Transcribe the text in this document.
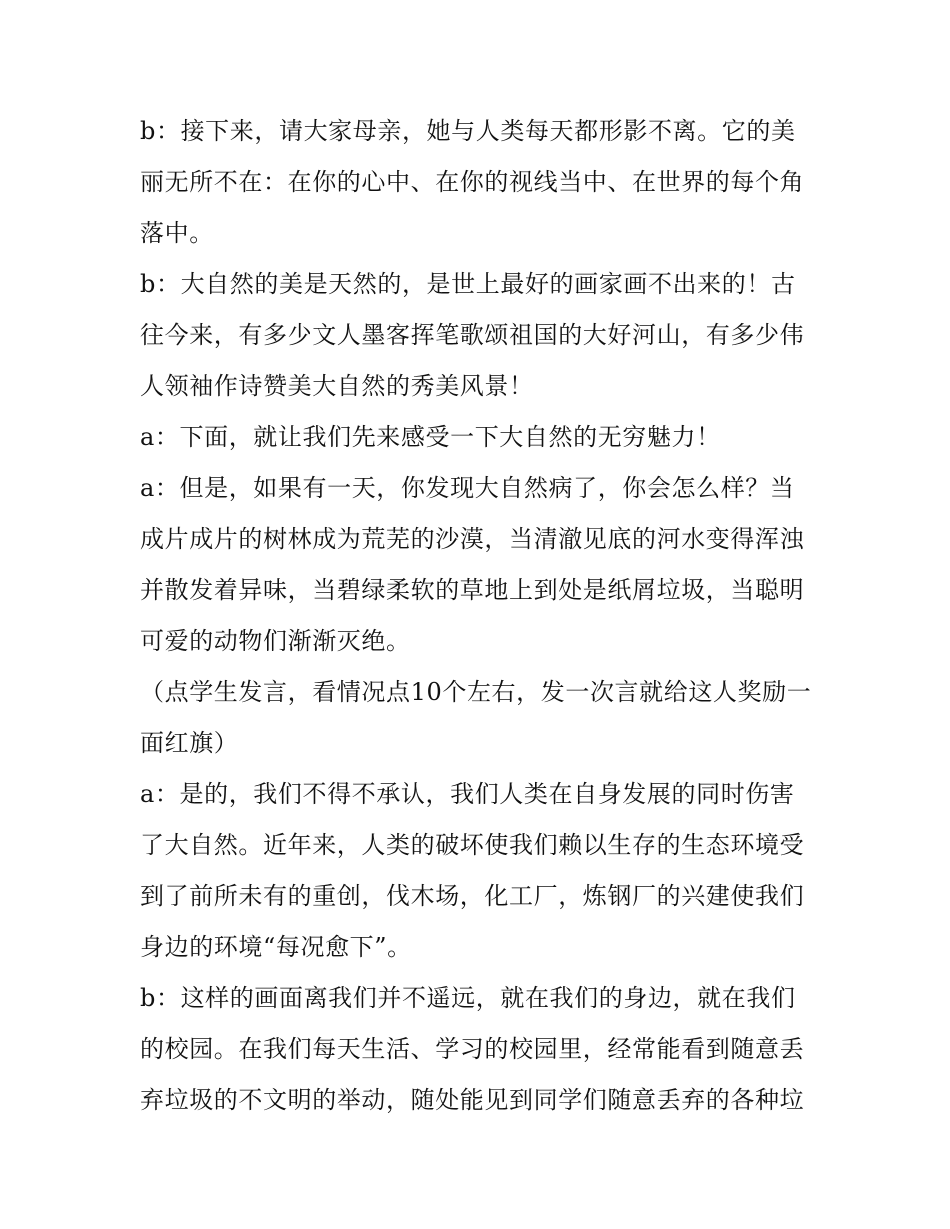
b：接下来，请大家母亲，她与人类每天都形影不离。它的美丽无所不在：在你的心中、在你的视线当中、在世界的每个角落中。

b：大自然的美是天然的，是世上最好的画家画不出来的！古往今来，有多少文人墨客挥笔歌颂祖国的大好河山，有多少伟人领袖作诗赞美大自然的秀美风景！

a：下面，就让我们先来感受一下大自然的无穷魅力！

a：但是，如果有一天，你发现大自然病了，你会怎么样？当成片成片的树林成为荒芜的沙漠，当清澈见底的河水变得浑浊并散发着异味，当碧绿柔软的草地上到处是纸屑垃圾，当聪明可爱的动物们渐渐灭绝。

（点学生发言，看情况点10个左右，发一次言就给这人奖励一面红旗）

a：是的，我们不得不承认，我们人类在自身发展的同时伤害了大自然。近年来，人类的破坏使我们赖以生存的生态环境受到了前所未有的重创，伐木场，化工厂，炼钢厂的兴建使我们身边的环境“每况愈下”。

b：这样的画面离我们并不遥远，就在我们的身边，就在我们的校园。在我们每天生活、学习的校园里，经常能看到随意丢弃垃圾的不文明的举动，随处能见到同学们随意丢弃的各种垃
